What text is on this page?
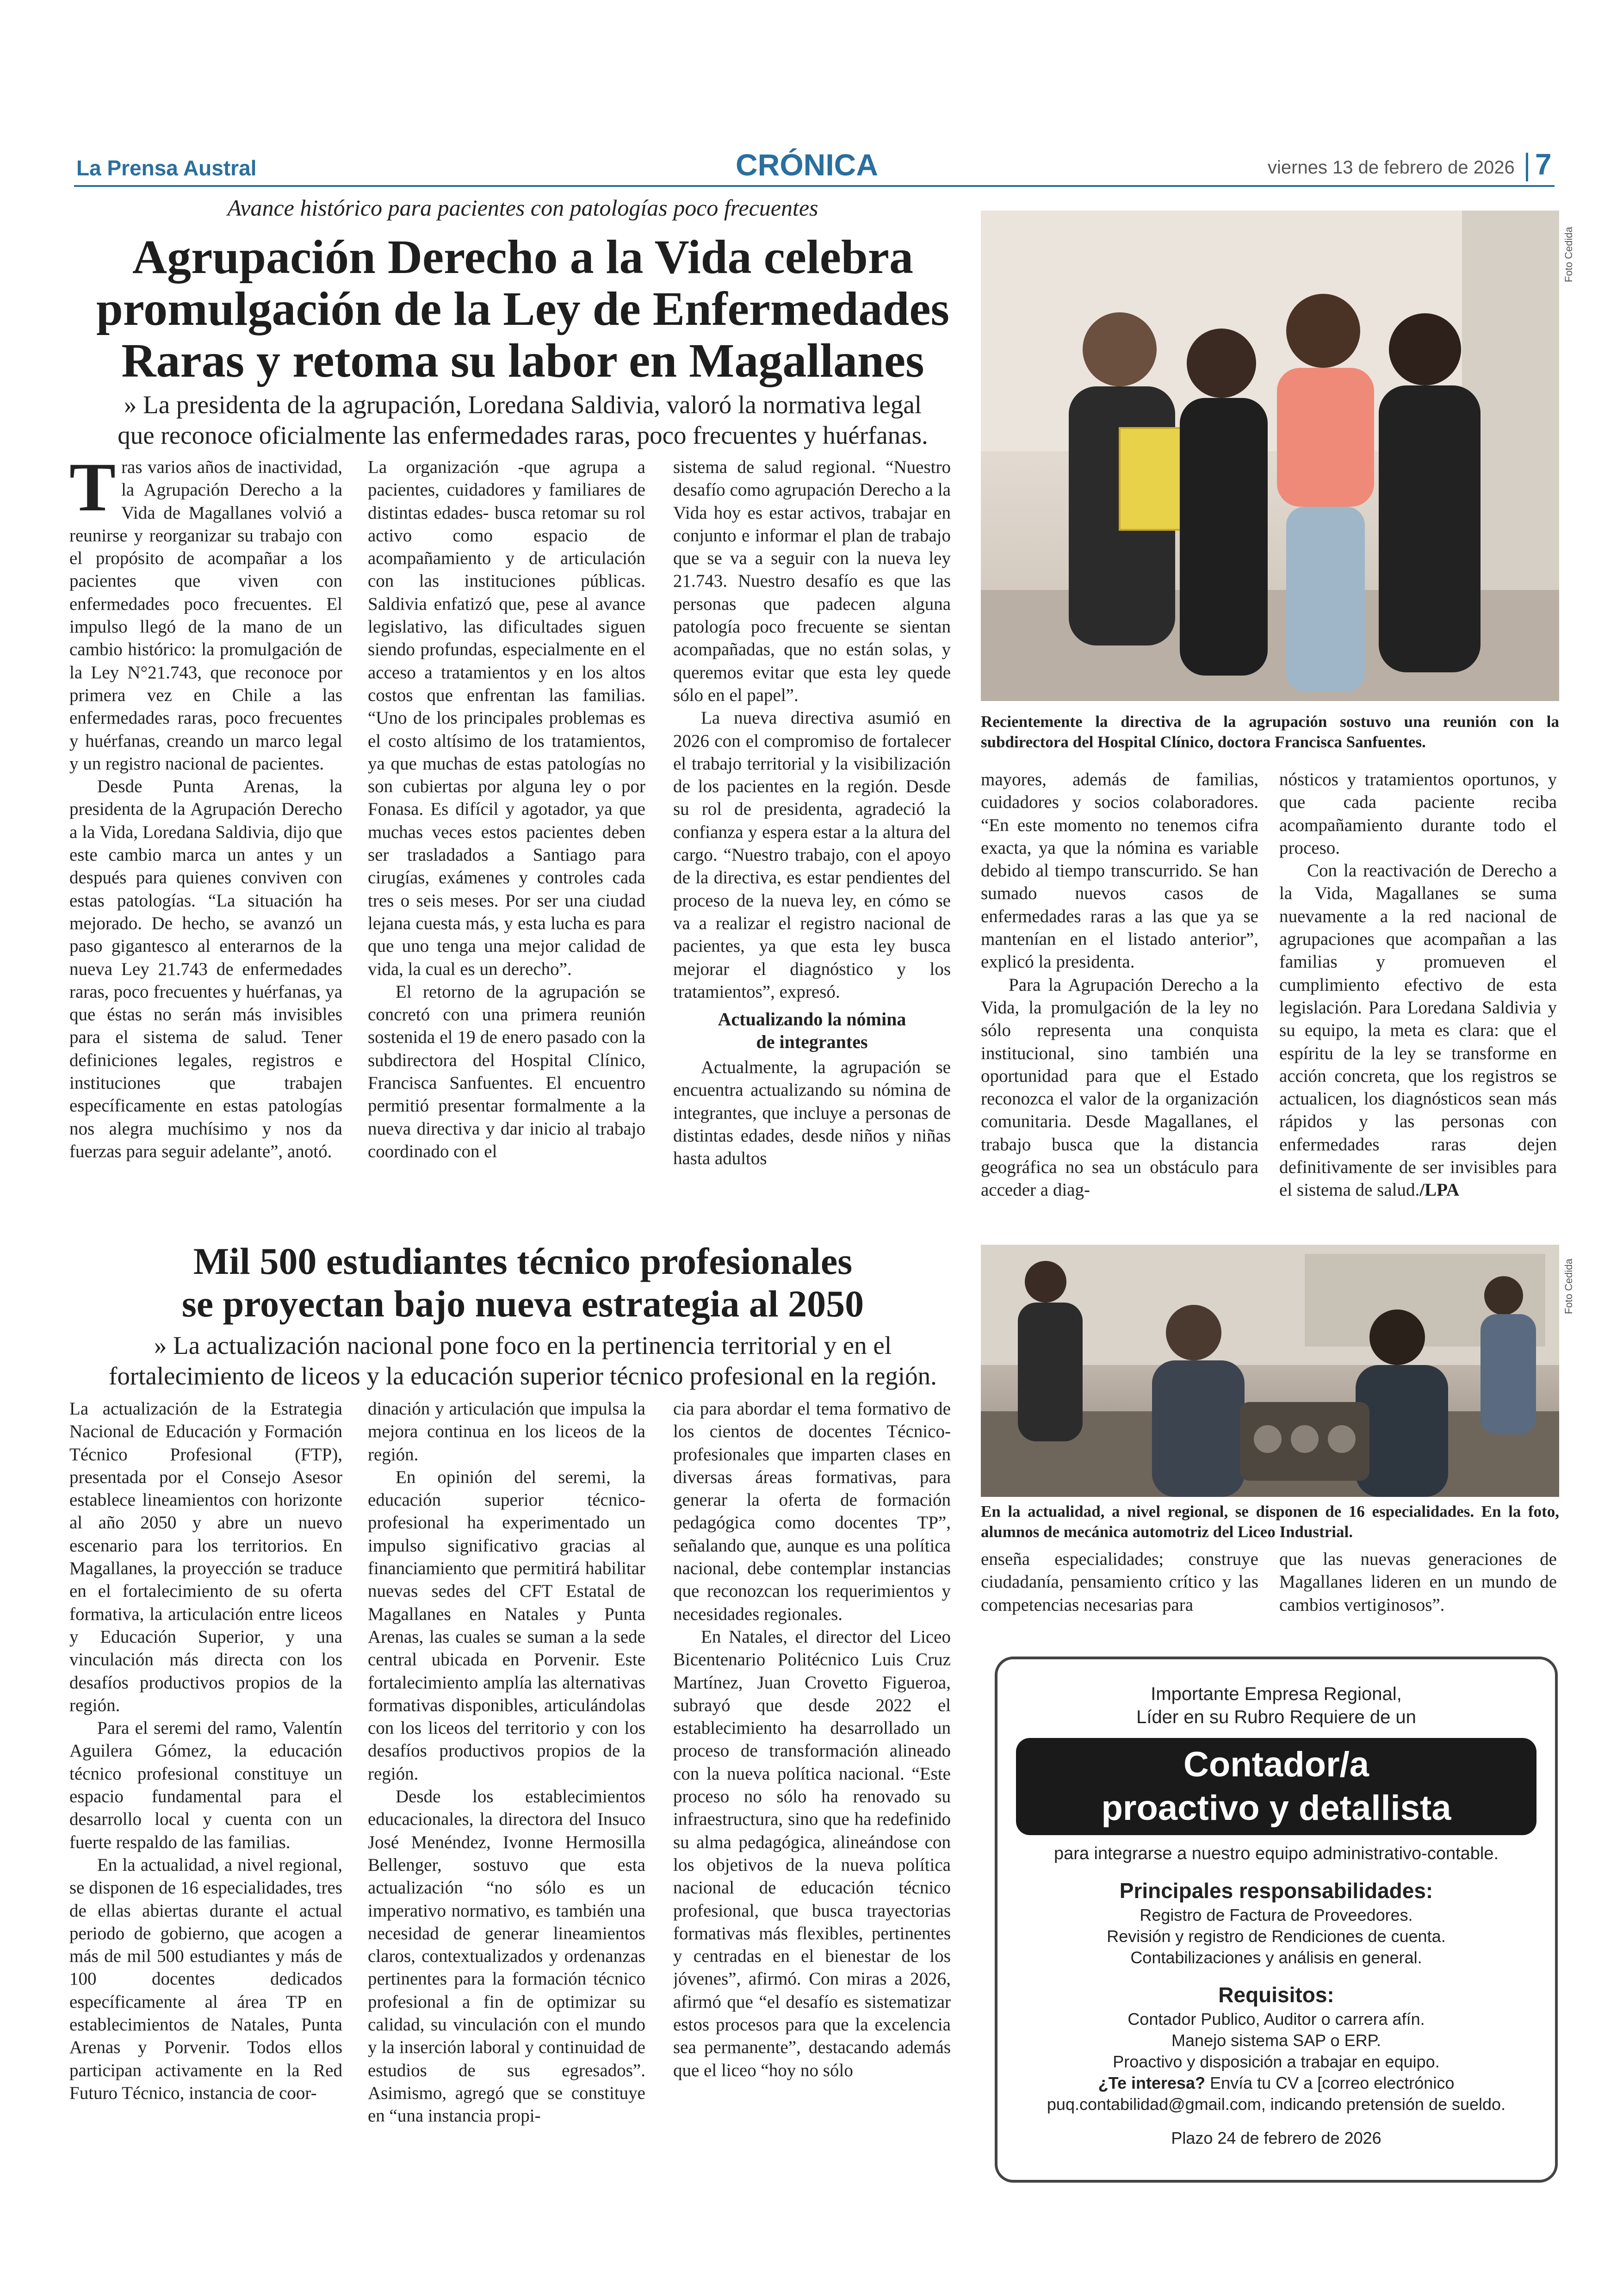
La Prensa Austral	CRÓNICA	viernes 13 de febrero de 2026 7
Avance histórico para pacientes con patologías poco frecuentes
Agrupación Derecho a la Vida celebra
promulgación de la Ley de Enfermedades
Raras y retoma su labor en Magallanes
» La presidenta de la agrupación, Loredana Saldivia, valoró la normativa legal
que reconoce oficialmente las enfermedades raras, poco frecuentes y huérfanas.

Tras varios años de inactividad, la Agrupación Derecho a la Vida de Magallanes volvió a reunirse y reorganizar su trabajo con el propósito de acompañar a los pacientes que viven con enfermedades poco frecuentes. El impulso llegó de la mano de un cambio histórico: la promulgación de la Ley N°21.743, que reconoce por primera vez en Chile a las enfermedades raras, poco frecuentes y huérfanas, creando un marco legal y un registro nacional de pacientes.

Desde Punta Arenas, la presidenta de la Agrupación Derecho a la Vida, Loredana Saldivia, dijo que este cambio marca un antes y un después para quienes conviven con estas patologías. “La situación ha mejorado. De hecho, se avanzó un paso gigantesco al enterarnos de la nueva Ley 21.743 de enfermedades raras, poco frecuentes y huérfanas, ya que éstas no serán más invisibles para el sistema de salud. Tener definiciones legales, registros e instituciones que trabajen específicamente en estas patologías nos alegra muchísimo y nos da fuerzas para seguir adelante”, anotó.

La organización -que agrupa a pacientes, cuidadores y familiares de distintas edades- busca retomar su rol activo como espacio de acompañamiento y de articulación con las instituciones públicas. Saldivia enfatizó que, pese al avance legislativo, las dificultades siguen siendo profundas, especialmente en el acceso a tratamientos y en los altos costos que enfrentan las familias. “Uno de los principales problemas es el costo altísimo de los tratamientos, ya que muchas de estas patologías no son cubiertas por alguna ley o por Fonasa. Es difícil y agotador, ya que muchas veces estos pacientes deben ser trasladados a Santiago para cirugías, exámenes y controles cada tres o seis meses. Por ser una ciudad lejana cuesta más, y esta lucha es para que uno tenga una mejor calidad de vida, la cual es un derecho”.

El retorno de la agrupación se concretó con una primera reunión sostenida el 19 de enero pasado con la subdirectora del Hospital Clínico, Francisca Sanfuentes. El encuentro permitió presentar formalmente a la nueva directiva y dar inicio al trabajo coordinado con el

sistema de salud regional. “Nuestro desafío como agrupación Derecho a la Vida hoy es estar activos, trabajar en conjunto e informar el plan de trabajo que se va a seguir con la nueva ley 21.743. Nuestro desafío es que las personas que padecen alguna patología poco frecuente se sientan acompañadas, que no están solas, y queremos evitar que esta ley quede sólo en el papel”.

La nueva directiva asumió en 2026 con el compromiso de fortalecer el trabajo territorial y la visibilización de los pacientes en la región. Desde su rol de presidenta, agradeció la confianza y espera estar a la altura del cargo. “Nuestro trabajo, con el apoyo de la directiva, es estar pendientes del proceso de la nueva ley, en cómo se va a realizar el registro nacional de pacientes, ya que esta ley busca mejorar el diagnóstico y los tratamientos”, expresó.

Actualizando la nómina
de integrantes

Actualmente, la agrupación se encuentra actualizando su nómina de integrantes, que incluye a personas de distintas edades, desde niños y niñas hasta adultos

Foto Cedida
Recientemente la directiva de la agrupación sostuvo una reunión con la subdirectora del Hospital Clínico, doctora Francisca Sanfuentes.

mayores, además de familias, cuidadores y socios colaboradores. “En este momento no tenemos cifra exacta, ya que la nómina es variable debido al tiempo transcurrido. Se han sumado nuevos casos de enfermedades raras a las que ya se mantenían en el listado anterior”, explicó la presidenta.

Para la Agrupación Derecho a la Vida, la promulgación de la ley no sólo representa una conquista institucional, sino también una oportunidad para que el Estado reconozca el valor de la organización comunitaria. Desde Magallanes, el trabajo busca que la distancia geográfica no sea un obstáculo para acceder a diag-

nósticos y tratamientos oportunos, y que cada paciente reciba acompañamiento durante todo el proceso.

Con la reactivación de Derecho a la Vida, Magallanes se suma nuevamente a la red nacional de agrupaciones que acompañan a las familias y promueven el cumplimiento efectivo de esta legislación. Para Loredana Saldivia y su equipo, la meta es clara: que el espíritu de la ley se transforme en acción concreta, que los registros se actualicen, los diagnósticos sean más rápidos y las personas con enfermedades raras dejen definitivamente de ser invisibles para el sistema de salud./LPA

Mil 500 estudiantes técnico profesionales
se proyectan bajo nueva estrategia al 2050
» La actualización nacional pone foco en la pertinencia territorial y en el
fortalecimiento de liceos y la educación superior técnico profesional en la región.

La actualización de la Estrategia Nacional de Educación y Formación Técnico Profesional (FTP), presentada por el Consejo Asesor establece lineamientos con horizonte al año 2050 y abre un nuevo escenario para los territorios. En Magallanes, la proyección se traduce en el fortalecimiento de su oferta formativa, la articulación entre liceos y Educación Superior, y una vinculación más directa con los desafíos productivos propios de la región.

Para el seremi del ramo, Valentín Aguilera Gómez, la educación técnico profesional constituye un espacio fundamental para el desarrollo local y cuenta con un fuerte respaldo de las familias.

En la actualidad, a nivel regional, se disponen de 16 especialidades, tres de ellas abiertas durante el actual periodo de gobierno, que acogen a más de mil 500 estudiantes y más de 100 docentes dedicados específicamente al área TP en establecimientos de Natales, Punta Arenas y Porvenir. Todos ellos participan activamente en la Red Futuro Técnico, instancia de coor-

dinación y articulación que impulsa la mejora continua en los liceos de la región.

En opinión del seremi, la educación superior técnico-profesional ha experimentado un impulso significativo gracias al financiamiento que permitirá habilitar nuevas sedes del CFT Estatal de Magallanes en Natales y Punta Arenas, las cuales se suman a la sede central ubicada en Porvenir. Este fortalecimiento amplía las alternativas formativas disponibles, articulándolas con los liceos del territorio y con los desafíos productivos propios de la región.

Desde los establecimientos educacionales, la directora del Insuco José Menéndez, Ivonne Hermosilla Bellenger, sostuvo que esta actualización “no sólo es un imperativo normativo, es también una necesidad de generar lineamientos claros, contextualizados y ordenanzas pertinentes para la formación técnico profesional a fin de optimizar su calidad, su vinculación con el mundo y la inserción laboral y continuidad de estudios de sus egresados”. Asimismo, agregó que se constituye en “una instancia propi-

cia para abordar el tema formativo de los cientos de docentes Técnico-profesionales que imparten clases en diversas áreas formativas, para generar la oferta de formación pedagógica como docentes TP”, señalando que, aunque es una política nacional, debe contemplar instancias que reconozcan los requerimientos y necesidades regionales.

En Natales, el director del Liceo Bicentenario Politécnico Luis Cruz Martínez, Juan Crovetto Figueroa, subrayó que desde 2022 el establecimiento ha desarrollado un proceso de transformación alineado con la nueva política nacional. “Este proceso no sólo ha renovado su infraestructura, sino que ha redefinido su alma pedagógica, alineándose con los objetivos de la nueva política nacional de educación técnico profesional, que busca trayectorias formativas más flexibles, pertinentes y centradas en el bienestar de los jóvenes”, afirmó. Con miras a 2026, afirmó que “el desafío es sistematizar estos procesos para que la excelencia sea permanente”, destacando además que el liceo “hoy no sólo

Foto Cedida
En la actualidad, a nivel regional, se disponen de 16 especialidades. En la foto, alumnos de mecánica automotriz del Liceo Industrial.

enseña especialidades; construye ciudadanía, pensamiento crítico y las competencias necesarias para

que las nuevas generaciones de Magallanes lideren en un mundo de cambios vertiginosos”.

Importante Empresa Regional,
Líder en su Rubro Requiere de un
Contador/a
proactivo y detallista
para integrarse a nuestro equipo administrativo-contable.
Principales responsabilidades:
Registro de Factura de Proveedores.
Revisión y registro de Rendiciones de cuenta.
Contabilizaciones y análisis en general.
Requisitos:
Contador Publico, Auditor o carrera afín.
Manejo sistema SAP o ERP.
Proactivo y disposición a trabajar en equipo.
¿Te interesa? Envía tu CV a [correo electrónico
puq.contabilidad@gmail.com, indicando pretensión de sueldo.
Plazo 24 de febrero de 2026
